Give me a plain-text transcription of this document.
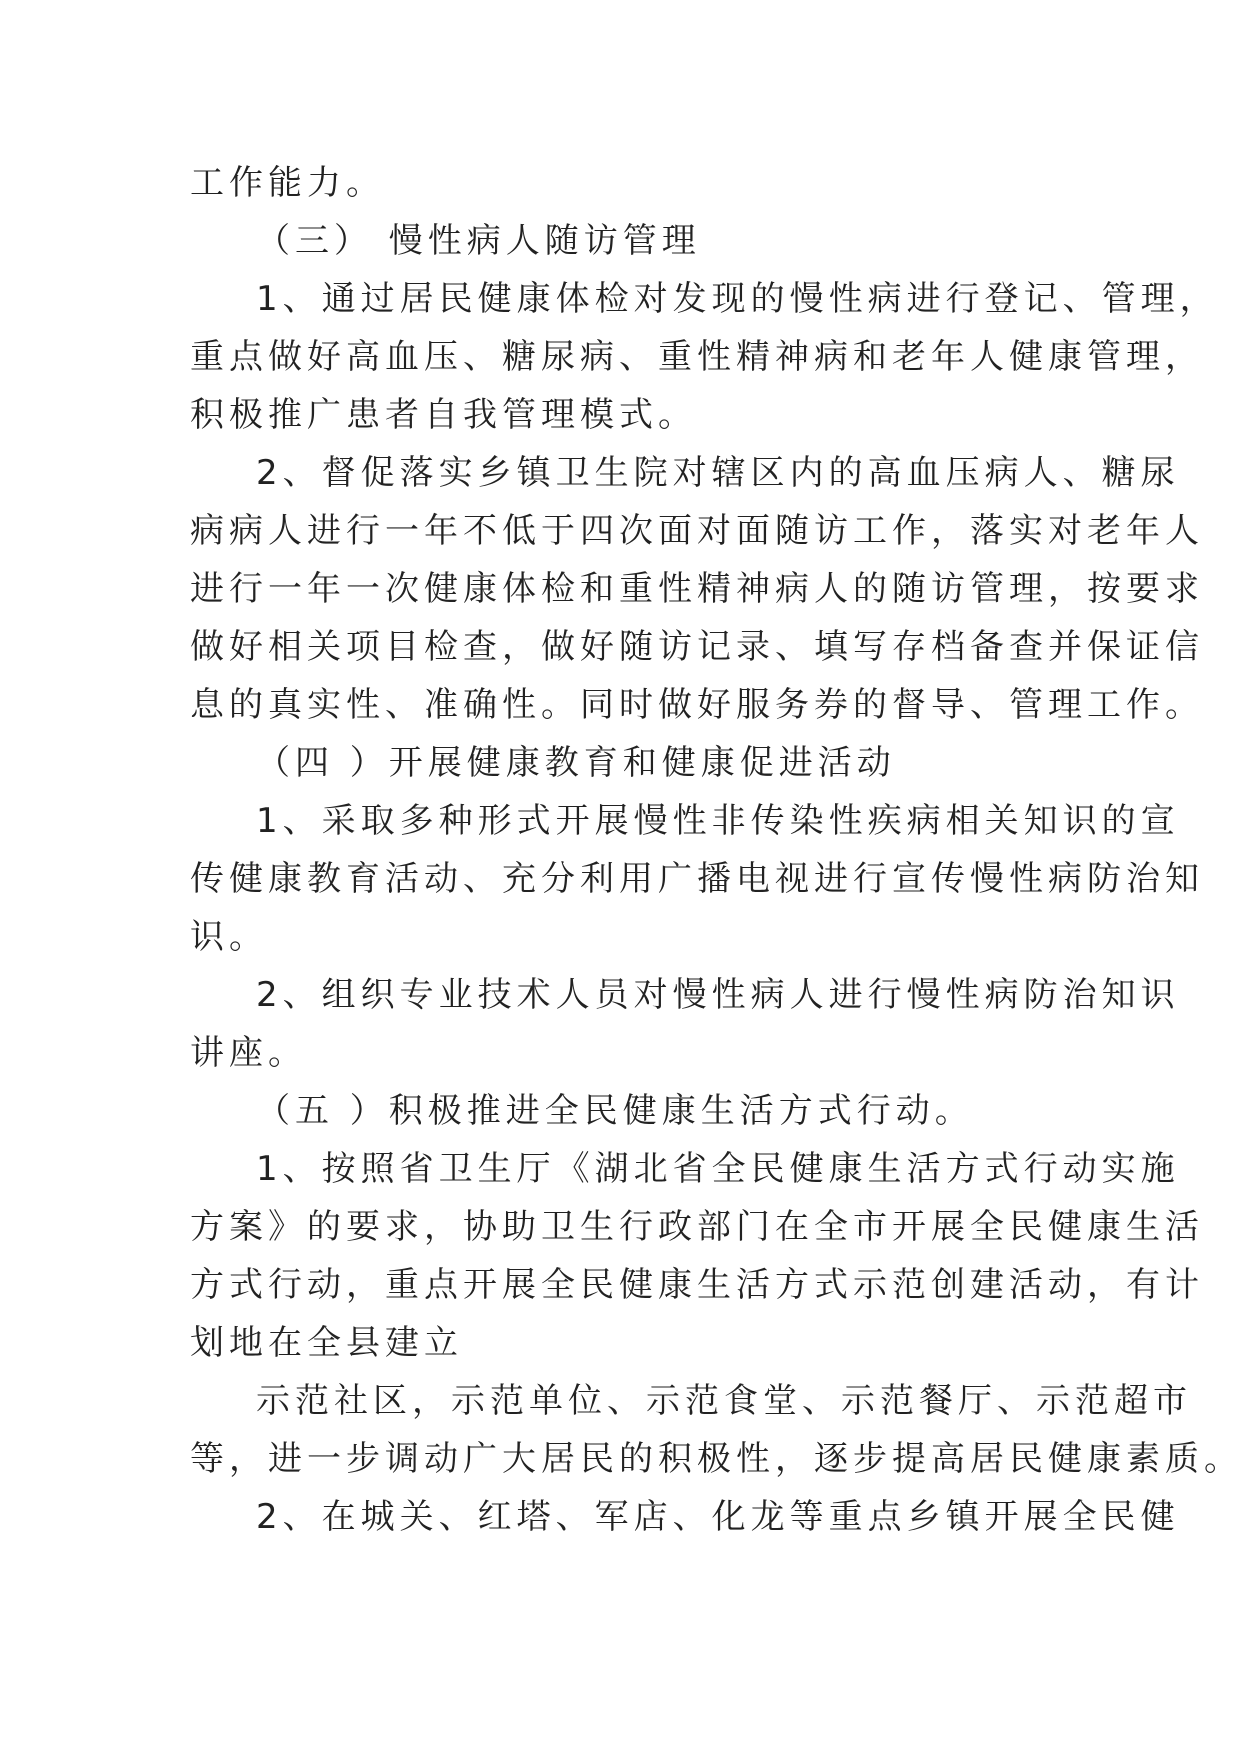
工作能力。
（三） 慢性病人随访管理
1、通过居民健康体检对发现的慢性病进行登记、管理，
重点做好高血压、糖尿病、重性精神病和老年人健康管理，
积极推广患者自我管理模式。
2、督促落实乡镇卫生院对辖区内的高血压病人、糖尿
病病人进行一年不低于四次面对面随访工作，落实对老年人
进行一年一次健康体检和重性精神病人的随访管理，按要求
做好相关项目检查，做好随访记录、填写存档备查并保证信
息的真实性、准确性。同时做好服务券的督导、管理工作。
（四 ）开展健康教育和健康促进活动
1、采取多种形式开展慢性非传染性疾病相关知识的宣
传健康教育活动、充分利用广播电视进行宣传慢性病防治知
识。
2、组织专业技术人员对慢性病人进行慢性病防治知识
讲座。
（五 ）积极推进全民健康生活方式行动。
1、按照省卫生厅《湖北省全民健康生活方式行动实施
方案》的要求，协助卫生行政部门在全市开展全民健康生活
方式行动，重点开展全民健康生活方式示范创建活动，有计
划地在全县建立
示范社区，示范单位、示范食堂、示范餐厅、示范超市
等，进一步调动广大居民的积极性，逐步提高居民健康素质。
2、在城关、红塔、军店、化龙等重点乡镇开展全民健
